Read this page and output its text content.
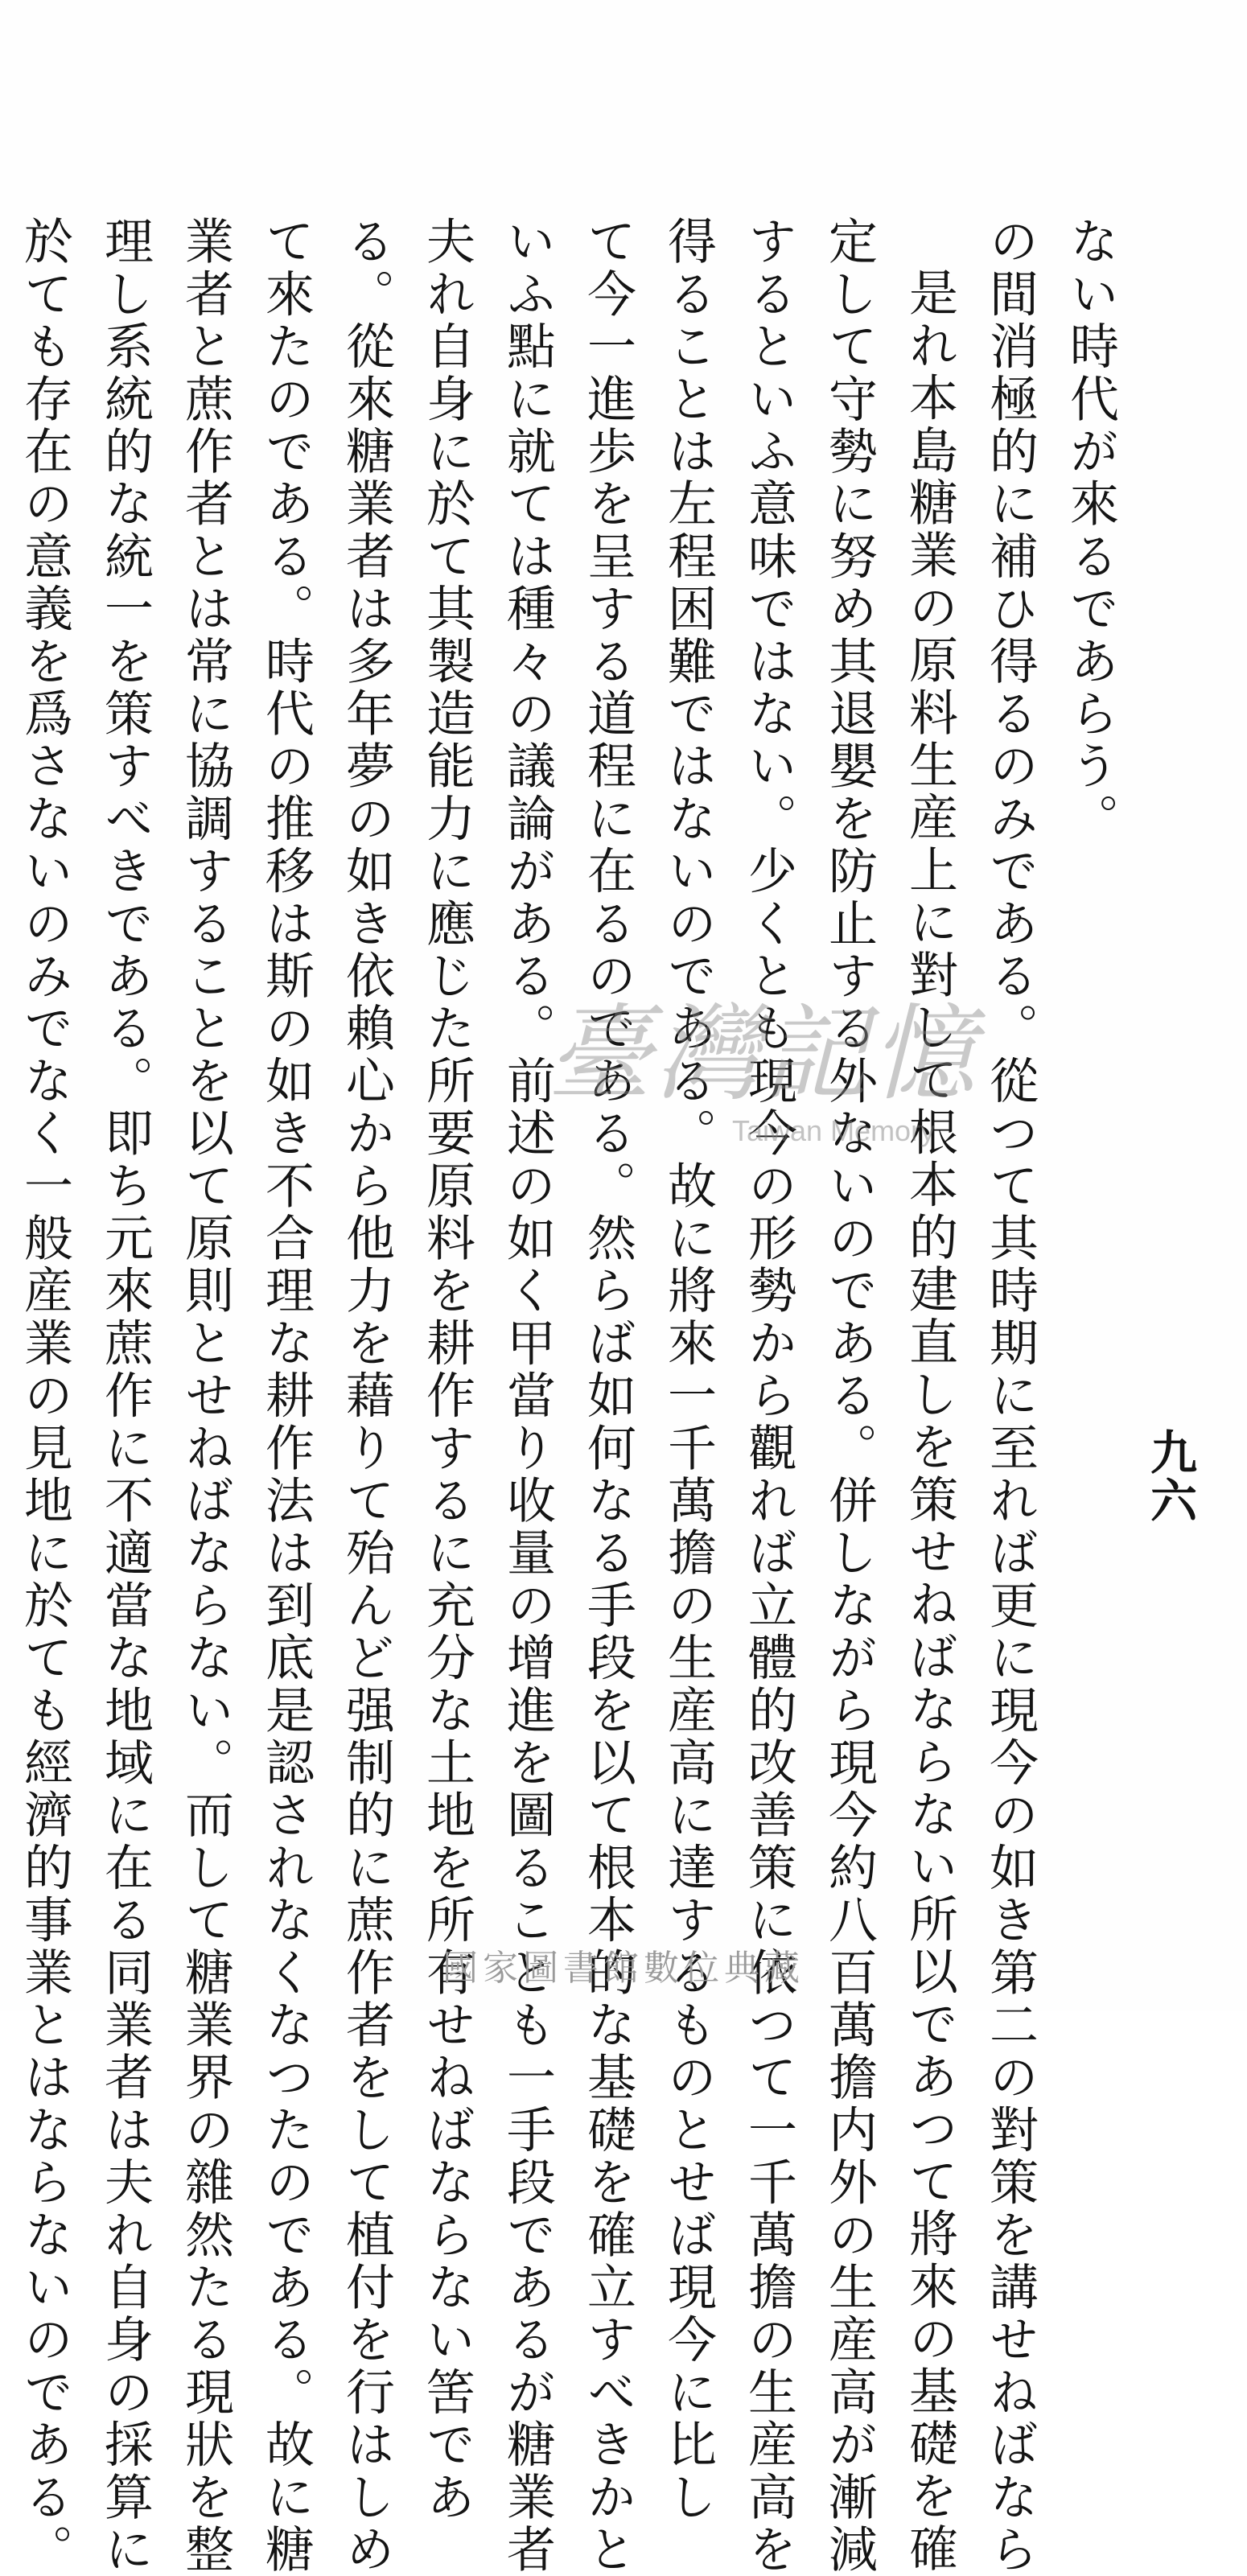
九六
ない時代が來るであらう。
の間消極的に補ひ得るのみである。從つて其時期に至れば更に現今の如き第二の對策を講せねばなら
是れ本島糖業の原料生産上に對して根本的建直しを策せねばならない所以であつて將來の基礎を確
定して守勢に努め其退嬰を防止する外ないのである。併しながら現今約八百萬擔内外の生産高が漸減
するといふ意味ではない。少くとも現今の形勢から觀れば立體的改善策に依つて一千萬擔の生産高を
得ることは左程困難ではないのである。故に將來一千萬擔の生産高に達するものとせば現今に比し
て今一進歩を呈する道程に在るのである。然らば如何なる手段を以て根本的な基礎を確立すべきかと
いふ點に就ては種々の議論がある。前述の如く甲當り收量の增進を圖ることも一手段であるが糖業者
夫れ自身に於て其製造能力に應じた所要原料を耕作するに充分な土地を所有せねばならない筈であ
る。從來糖業者は多年夢の如き依賴心から他力を藉りて殆んど强制的に蔗作者をして植付を行はしめ
て來たのである。時代の推移は斯の如き不合理な耕作法は到底是認されなくなつたのである。故に糖
業者と蔗作者とは常に協調することを以て原則とせねばならない。而して糖業界の雜然たる現狀を整
理し系統的な統一を策すべきである。即ち元來蔗作に不適當な地域に在る同業者は夫れ自身の採算に
於ても存在の意義を爲さないのみでなく一般産業の見地に於ても經濟的事業とはならないのである。	臺灣記憶
Taiwan Memory
國家圖書館數位典藏
